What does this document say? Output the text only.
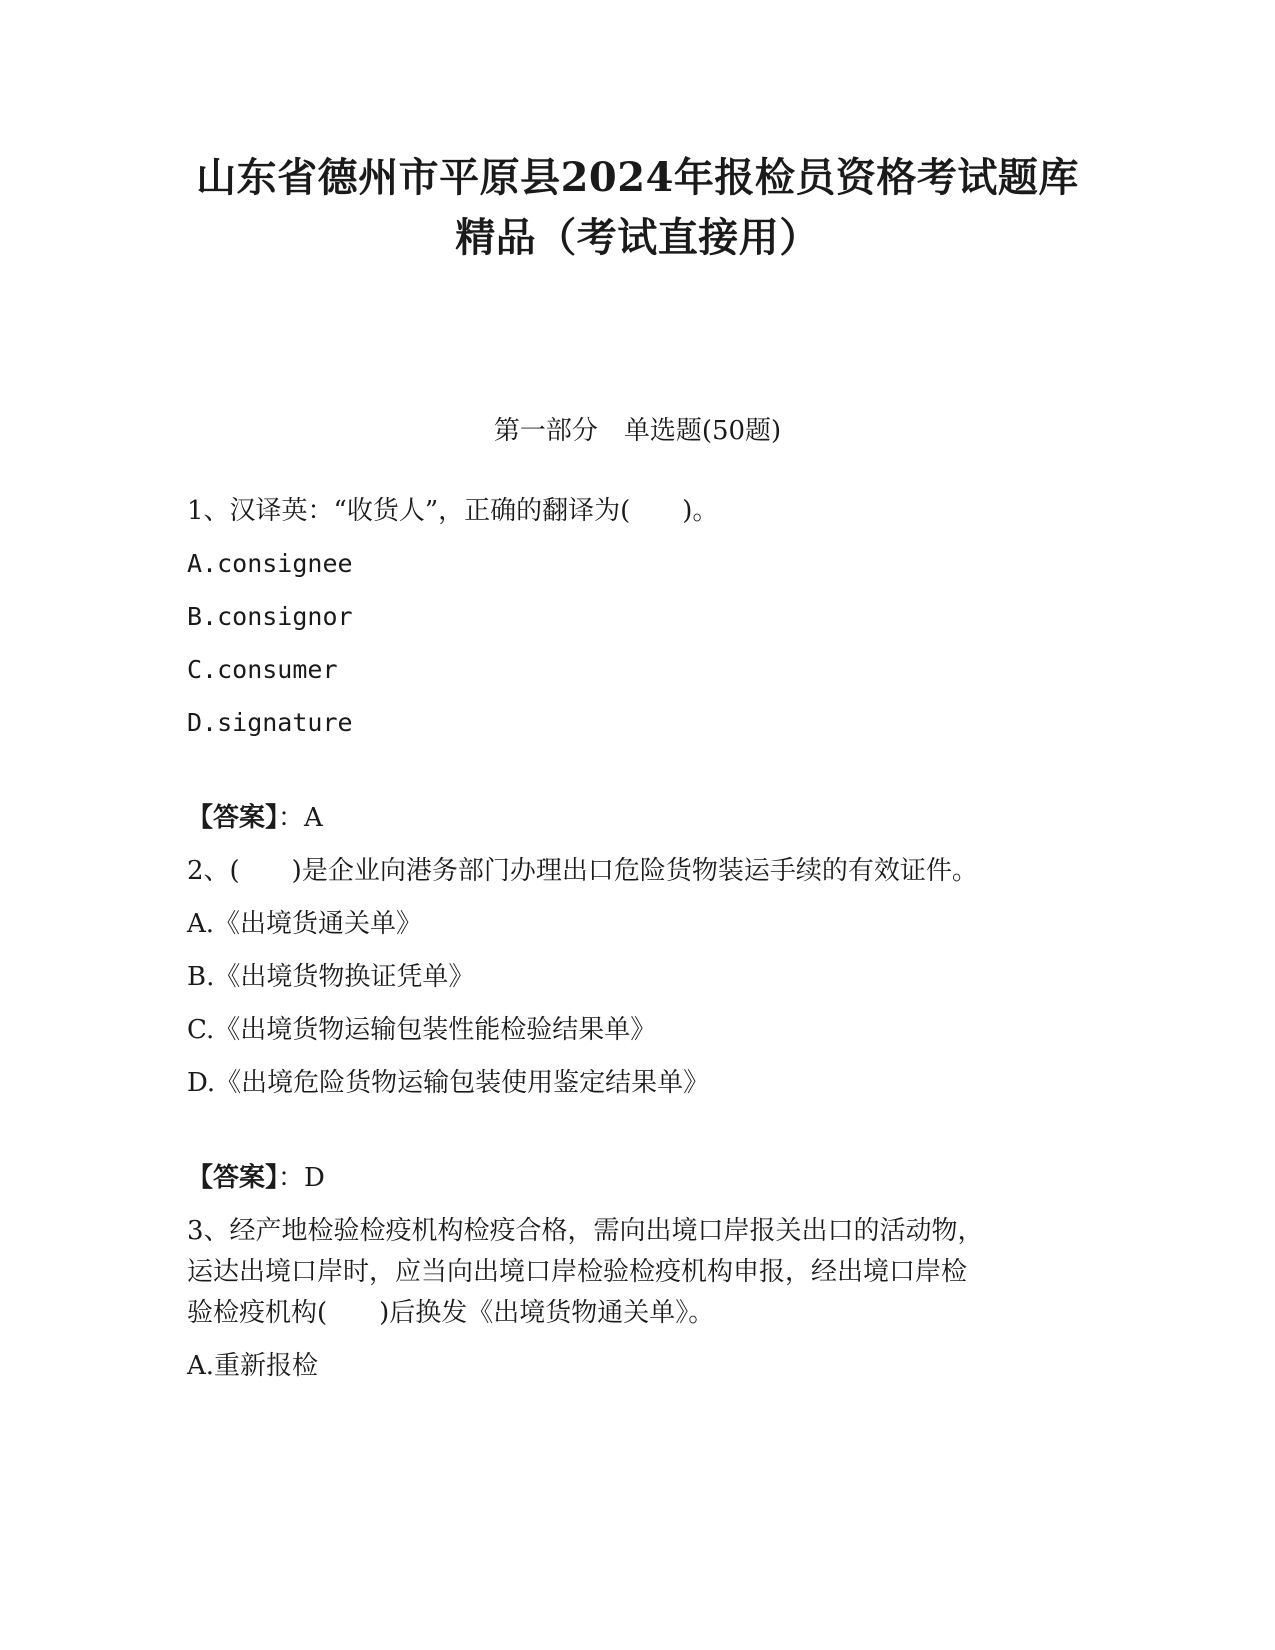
山东省德州市平原县2024年报检员资格考试题库
精品（考试直接用）
第一部分　单选题(50题)
1、汉译英：“收货人”，正确的翻译为(　　)。
A.consignee
B.consignor
C.consumer
D.signature
【答案】：A
2、(　　)是企业向港务部门办理出口危险货物装运手续的有效证件。
A.《出境货通关单》
B.《出境货物换证凭单》
C.《出境货物运输包装性能检验结果单》
D.《出境危险货物运输包装使用鉴定结果单》
【答案】：D
3、经产地检验检疫机构检疫合格，需向出境口岸报关出口的活动物，
运达出境口岸时，应当向出境口岸检验检疫机构申报，经出境口岸检
验检疫机构(　　)后换发《出境货物通关单》。
A.重新报检
